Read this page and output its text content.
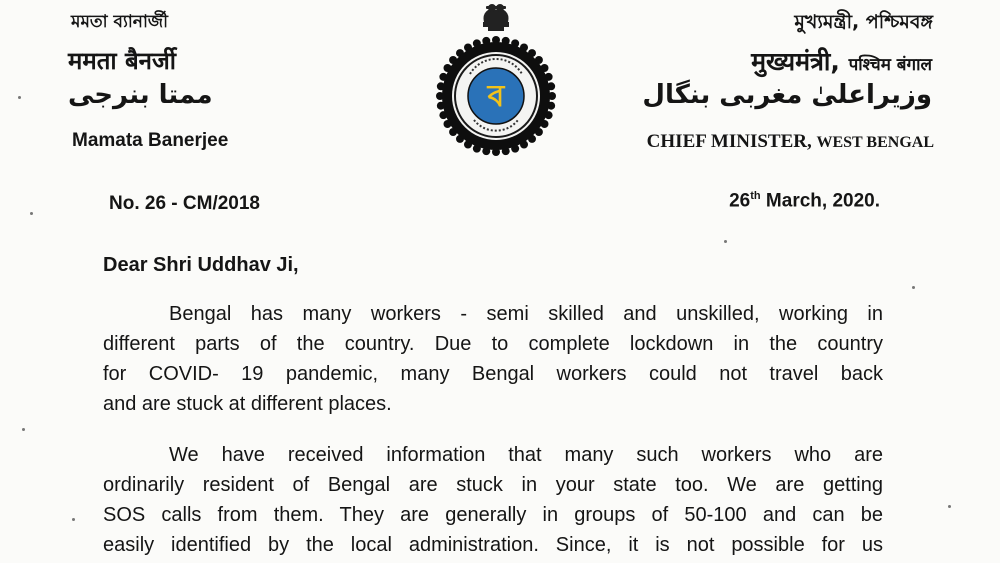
মমতা ব্যানার্জী
ममता बैनर्जी
ممتا بنرجی
Mamata Banerjee
ব
মুখ্যমন্ত্রী, পশ্চিমবঙ্গ
मुख्यमंत्री, पश्चिम बंगाल
وزیراعلیٰ مغربی بنگال
CHIEF MINISTER, WEST BENGAL
No. 26 - CM/2018	26th March, 2020.
Dear Shri Uddhav Ji,
Bengal has many workers - semi skilled and unskilled, working in
different parts of the country. Due to complete lockdown in the country
for COVID- 19 pandemic, many Bengal workers could not travel back
and are stuck at different places.
We have received information that many such workers who are
ordinarily resident of Bengal are stuck in your state too. We are getting
SOS calls from them. They are generally in groups of 50-100 and can be
easily identified by the local administration. Since, it is not possible for us
